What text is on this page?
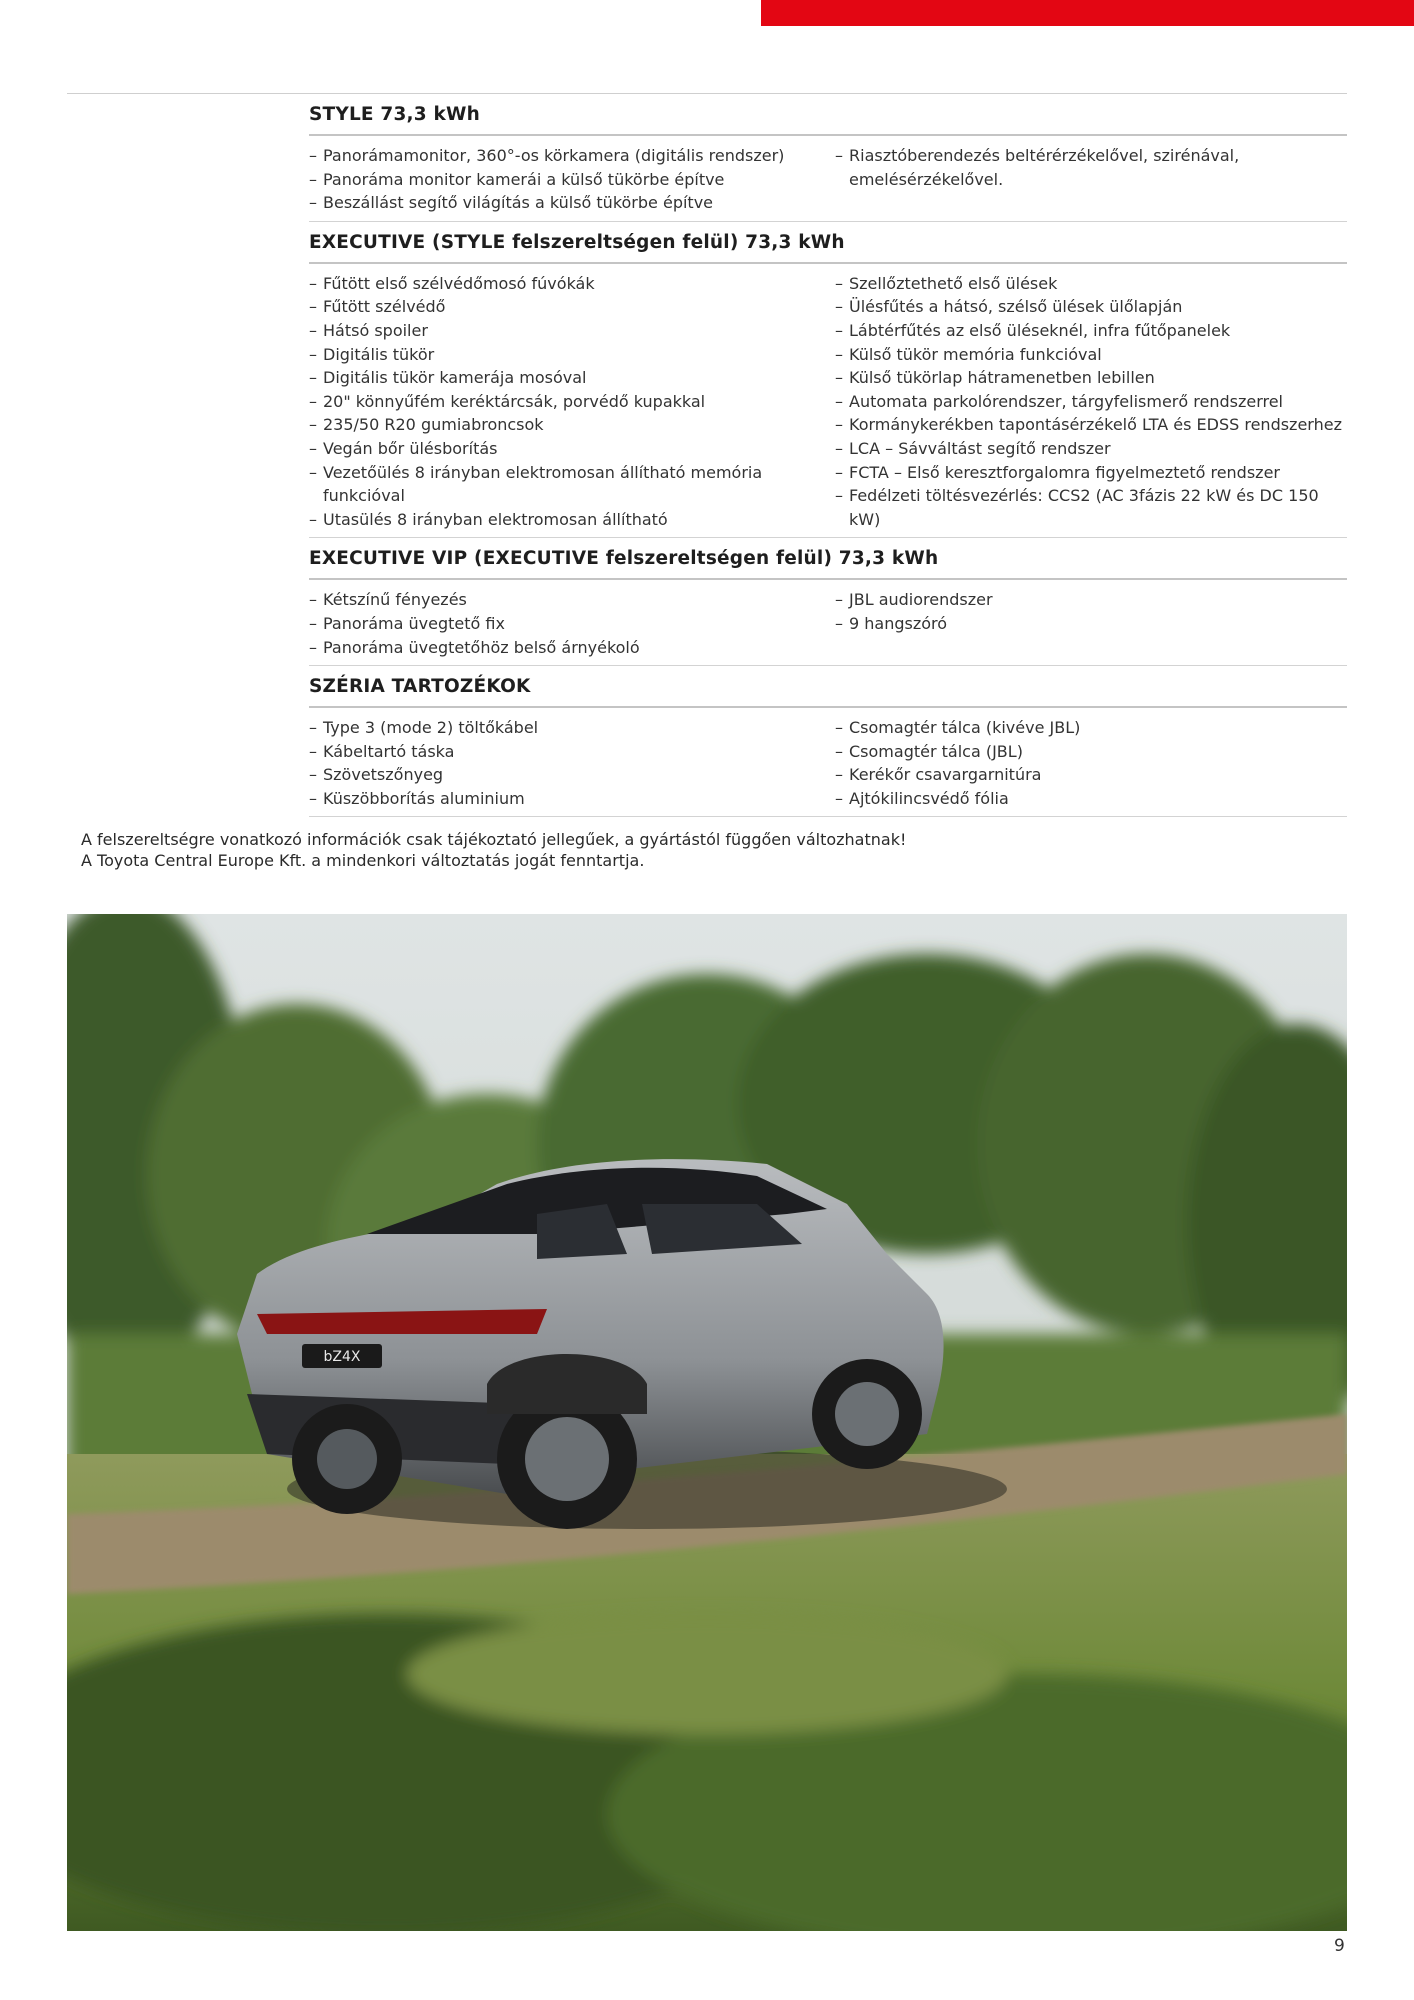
STYLE 73,3 kWh
– Panorámamonitor, 360°-os körkamera (digitális rendszer)
– Panoráma monitor kamerái a külső tükörbe építve
– Beszállást segítő világítás a külső tükörbe építve
– Riasztóberendezés beltérérzékelővel, szirénával, emelésérzékelővel.
EXECUTIVE (STYLE felszereltségen felül) 73,3 kWh
– Fűtött első szélvédőmosó fúvókák
– Fűtött szélvédő
– Hátsó spoiler
– Digitális tükör
– Digitális tükör kamerája mosóval
– 20" könnyűfém keréktárcsák, porvédő kupakkal
– 235/50 R20 gumiabroncsok
– Vegán bőr ülésborítás
– Vezetőülés 8 irányban elektromosan állítható memória funkcióval
– Utasülés 8 irányban elektromosan állítható
– Szellőztethető első ülések
– Ülésfűtés a hátsó, szélső ülések ülőlapján
– Lábtérfűtés az első üléseknél, infra fűtőpanelek
– Külső tükör memória funkcióval
– Külső tükörlap hátramenetben lebillen
– Automata parkolórendszer, tárgyfelismerő rendszerrel
– Kormánykerékben tapontásérzékelő LTA és EDSS rendszerhez
– LCA – Sávváltást segítő rendszer
– FCTA – Első keresztforgalomra figyelmeztető rendszer
– Fedélzeti töltésvezérlés: CCS2 (AC 3fázis 22 kW és DC 150 kW)
EXECUTIVE VIP (EXECUTIVE felszereltségen felül) 73,3 kWh
– Kétszínű fényezés
– Panoráma üvegtető fix
– Panoráma üvegtetőhöz belső árnyékoló
– JBL audiorendszer
– 9 hangszóró
SZÉRIA TARTOZÉKOK
– Type 3 (mode 2) töltőkábel
– Kábeltartó táska
– Szövetszőnyeg
– Küszöbborítás aluminium
– Csomagtér tálca (kivéve JBL)
– Csomagtér tálca (JBL)
– Kerékőr csavargarnitúra
– Ajtókilincsvédő fólia
A felszereltségre vonatkozó információk csak tájékoztató jellegűek, a gyártástól függően változhatnak!
A Toyota Central Europe Kft. a mindenkori változtatás jogát fenntartja.
bZ4X
9
